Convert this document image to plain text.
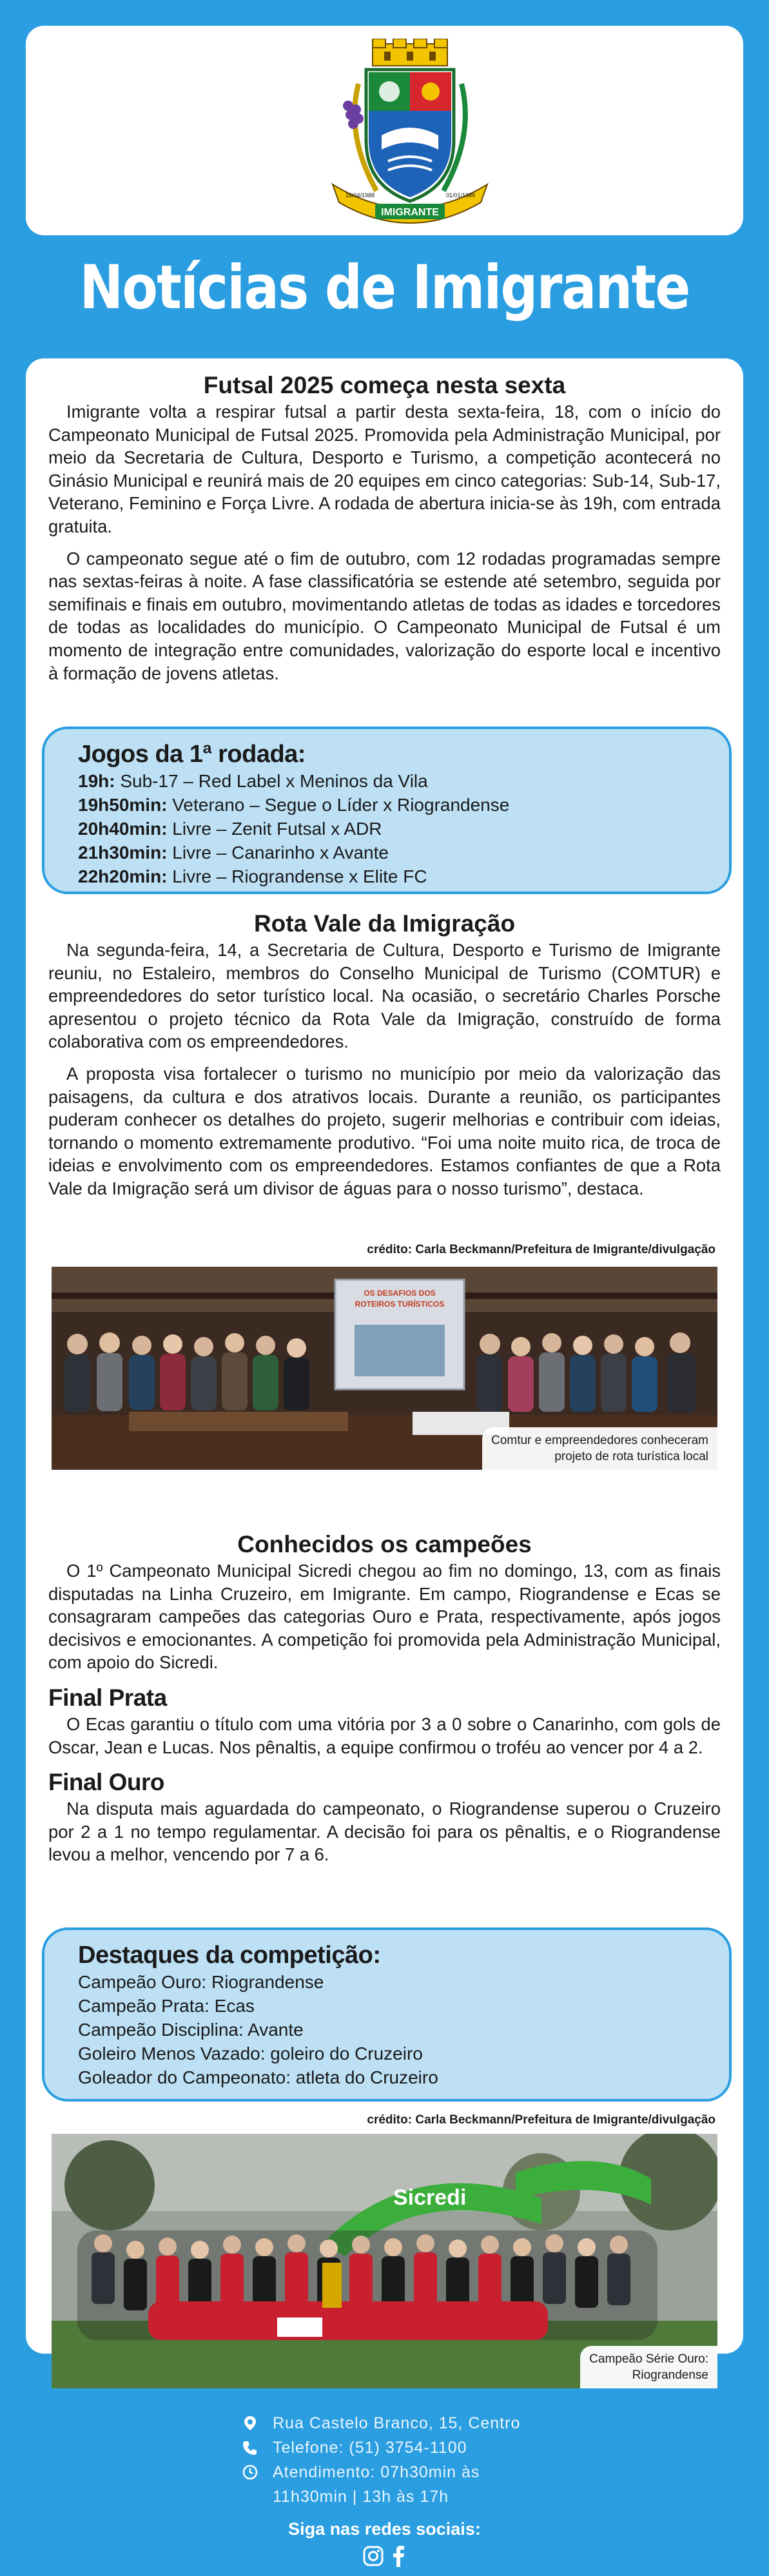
IMIGRANTE
16/04/1988	01/01/1989
Notícias de Imigrante
Futsal 2025 começa nesta sexta

Imigrante volta a respirar futsal a partir desta sexta-feira, 18, com o início do Campeonato Municipal de Futsal 2025. Promovida pela Administração Municipal, por meio da Secretaria de Cultura, Desporto e Turismo, a competição acontecerá no Ginásio Municipal e reunirá mais de 20 equipes em cinco categorias: Sub-14, Sub-17, Veterano, Feminino e Força Livre. A rodada de abertura inicia-se às 19h, com entrada gratuita.

O campeonato segue até o fim de outubro, com 12 rodadas programadas sempre nas sextas-feiras à noite. A fase classificatória se estende até setembro, seguida por semifinais e finais em outubro, movimentando atletas de todas as idades e torcedores de todas as localidades do município. O Campeonato Municipal de Futsal é um momento de integração entre comunidades, valorização do esporte local e incentivo à formação de jovens atletas.

Jogos da 1ª rodada:
19h: Sub-17 – Red Label x Meninos da Vila
19h50min: Veterano – Segue o Líder x Riograndense
20h40min: Livre – Zenit Futsal x ADR
21h30min: Livre – Canarinho x Avante
22h20min: Livre – Riograndense x Elite FC
Rota Vale da Imigração

Na segunda-feira, 14, a Secretaria de Cultura, Desporto e Turismo de Imigrante reuniu, no Estaleiro, membros do Conselho Municipal de Turismo (COMTUR) e empreendedores do setor turístico local. Na ocasião, o secretário Charles Porsche apresentou o projeto técnico da Rota Vale da Imigração, construído de forma colaborativa com os empreendedores.

A proposta visa fortalecer o turismo no município por meio da valorização das paisagens, da cultura e dos atrativos locais. Durante a reunião, os participantes puderam conhecer os detalhes do projeto, sugerir melhorias e contribuir com ideias, tornando o momento extremamente produtivo. “Foi uma noite muito rica, de troca de ideias e envolvimento com os empreendedores. Estamos confiantes de que a Rota Vale da Imigração será um divisor de águas para o nosso turismo”, destaca.

crédito: Carla Beckmann/Prefeitura de Imigrante/divulgação
OS DESAFIOS DOS
ROTEIROS TURÍSTICOS
Comtur e empreendedores conheceram
projeto de rota turística local
Conhecidos os campeões

O 1º Campeonato Municipal Sicredi chegou ao fim no domingo, 13, com as finais disputadas na Linha Cruzeiro, em Imigrante. Em campo, Riograndense e Ecas se consagraram campeões das categorias Ouro e Prata, respectivamente, após jogos decisivos e emocionantes. A competição foi promovida pela Administração Municipal, com apoio do Sicredi.

Final Prata

O Ecas garantiu o título com uma vitória por 3 a 0 sobre o Canarinho, com gols de Oscar, Jean e Lucas. Nos pênaltis, a equipe confirmou o troféu ao vencer por 4 a 2.

Final Ouro

Na disputa mais aguardada do campeonato, o Riograndense superou o Cruzeiro por 2 a 1 no tempo regulamentar. A decisão foi para os pênaltis, e o Riograndense levou a melhor, vencendo por 7 a 6.

Destaques da competição:
Campeão Ouro: Riograndense
Campeão Prata: Ecas
Campeão Disciplina: Avante
Goleiro Menos Vazado: goleiro do Cruzeiro
Goleador do Campeonato: atleta do Cruzeiro
crédito: Carla Beckmann/Prefeitura de Imigrante/divulgação
Sicredi
Campeão Série Ouro:
Riograndense
Rua Castelo Branco, 15, Centro
Telefone: (51) 3754-1100
Atendimento: 07h30min às
11h30min | 13h às 17h
Siga nas redes sociais:
